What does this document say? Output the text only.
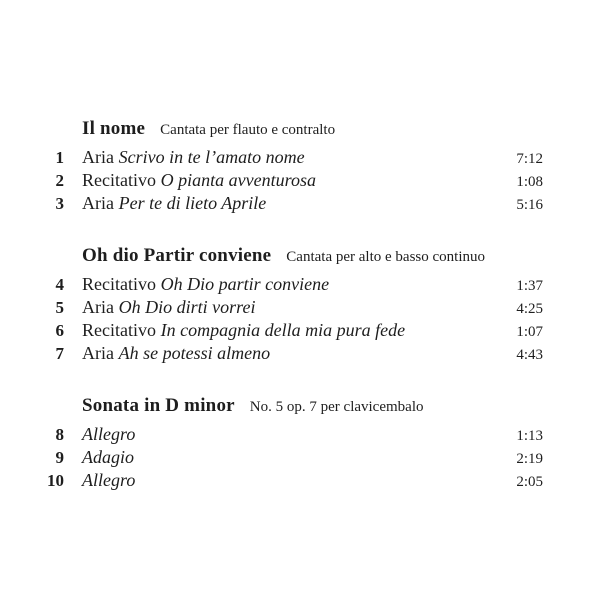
Il nome Cantata per flauto e contralto
1	Aria Scrivo in te l’amato nome	7:12
2	Recitativo O pianta avventurosa	1:08
3	Aria Per te di lieto Aprile	5:16
Oh dio Partir conviene Cantata per alto e basso continuo
4	Recitativo Oh Dio partir conviene	1:37
5	Aria Oh Dio dirti vorrei	4:25
6	Recitativo In compagnia della mia pura fede	1:07
7	Aria Ah se potessi almeno	4:43
Sonata in D minor No. 5 op. 7 per clavicembalo
8	Allegro	1:13
9	Adagio	2:19
10	Allegro	2:05
